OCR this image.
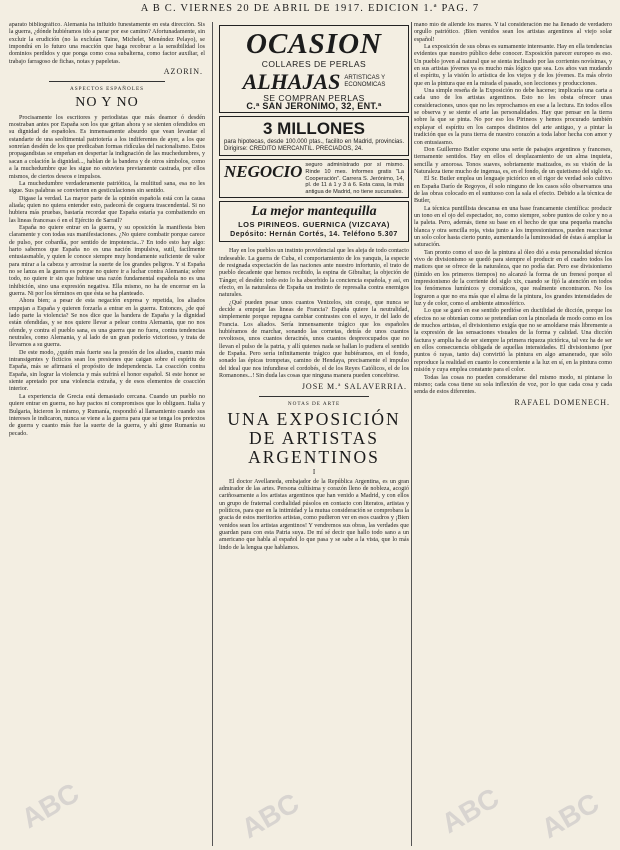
A B C. VIERNES 20 DE ABRIL DE 1917. EDICION 1.ª PAG. 7

aparato bibliográfico. Alemania ha influido funestamente en esta dirección. Sis la guerra, ¿dónde hubiéramos ido a parar por ese camino? Afortunadamente, sin excluir la erudición (no la excluían Taine, Michelet, Menéndez Pelayo), se impondrá en lo futuro una reacción que haga recobrar a la sensibilidad los dominios perdidos y que ponga como cosa subalterna, como factor auxiliar, el trabajo farragoso de fichas, notas y papeletas.

AZORIN.
ASPECTOS ESPAÑOLES
NO Y NO

Procisamente los escritores y periodistas que más deamor ó desdén mostraban antes por España son los que gritan ahora y se sienten ofendidos en su dignidad de españoles. Es inmensamente absurdo que vean levantar el estandarte de una seoltimental patriotería a los indiferentes de ayer, a los que sonreían desdén de los que predicaban formas ridículas del nacionalismo. Estos propagandistas se empeñan en despertar la indignación de las muchedumbres, y sacan a colación la dignidad..., hablan de la bandera y de otros símbolos, como a la muchedumbre que les sigue no estuviera previamente castrada, por ellos mismos, de ciertos deseos e impulsos.

La muchedumbre verdaderamente patriótica, la multitud sana, esa no les sigue. Sus palabras se convierten en gesticulaciones sin sentido.

Digase la verdad. La mayor parte de la opinión española está con la causa aliada; quien no quiera entender esto, padecerá de ceguera trascendental. Si no hubiera más pruebas, bastaría recordar que España estaría ya combatiendo en las lineas francesas ó en el Ejército de Sarrail?

España no quiere entrar en la guerra, y su oposición la manifiesta bien claramente y con todas sus manifestaciones. ¿No quiere combatir porque carece de pulso, por cobardía, por sentido de impotencia...? En todo esto hay algo: harto sabemos que España no es una nación impulsiva, sutil, facilmente entusiasmable, y quien le conoce siempre muy hondamente suficiente de valor para mirar a la cabeza y arrostrar la suerte de los grandes peligros. Y si España no se lanza en la guerra es porque no quiere ir a luchar contra Alemania; sobre todo, no quiere ir sin que hubiese una razón fundamental española no es una inhibición, sino una expresión negativa. Ella mismo, no ha de encerrar en la guerra. Ni por los términos en que ésta se ha planteado.

Ahora bien; a pesar de esta negación expresa y repetida, los aliados empujan a España y quieren forzarla a entrar en la guerra. Entonces, ¿de qué lado parte la violencia? Se nos dice que la bandera de España y la dignidad están ofendidas, y se nos quiere llevar a pelear contra Alemania, que no nos ofende, y contra el pueblo sana, es una guerra que no fuera, contra tendencias neutrales, como Alemania, y al lado de un gran poderío victorioso, y trata de llevarnos a su guerra.

De este modo, ¿quién más fuerte sea la presión de los aliados, cuanto más intransigentes y ficticios sean los presiones que caigan sobre el espíritu de España, más se afirmará el propósito de independencia. La coacción contra España, sin lograr la violencia y más sufrirá el honor español. Si este honor se siente apretado por una violencia extraña, y de esos elementos de coacción interior.

La experiencia de Grecia está demasiado cercana. Cuando un pueblo no quiere entrar en guerra, no hay pactos ni compromisos que lo obliguen. Italia y Bulgaria, hicieron lo mismo, y Rumanía, respondió al llamamiento cuando sus intereses le indicaron, nunca se viene a la guerra para que se tenga los pretextos de guerra y cuanto más fue la suerte de la guerra, y ahí gime Rumanía su pecado.

OCASION
COLLARES DE PERLAS
ALHAJAS ARTISTICAS Y
ECONOMICAS
SE COMPRAN PERLAS
C.ª SAN JERONIMO, 32, ENT.ª
3 MILLONES
para hipotecas, desde 100.000 ptas., facilito en Madrid, provincias. Dirigirse: CREDITO MERCANTIL. PRECIADOS, 24.
NEGOCIO seguro administrado por sí mismo. Rinde 10 mes. Informes gratis "La Cooperación". Carrera S. Jerónimo, 14, pl. de 11 á 1 y 3 á 6. Esta casa, la más antigua de Madrid, no tiene sucursales.
La mejor mantequilla
LOS PIRINEOS. GUERNICA (VIZCAYA)
Depósito: Hernán Cortés, 14. Teléfono 5.307

Hay en los pueblos un instinto providencial que les aleja de todo contacto indeseable. La guerra de Cuba, el comportamiento de los yanquis, la especie de resignada expectación de las naciones ante nuestro infortunio, el trato de pueblo decadente que hemos recibido, la espina de Gibraltar, la objeción de Tánger, el desdén: todo esto lo ha absorbido la conciencia española, y así, en efecto, en la naturaleza de España un instinto de represalia contra enemigos naturales.

¿Qué pueden pesar unos cuantos Venizelos, sin coraje, que nunca se decide a empujar las lineas de Francia? España quiere la neutralidad, simplemente porque repugna cambiar contrastes con el suyo, ir del lado de Francia. Los aliados. Sería inmensamente trágico que los españoles hubiéramos de marchar, sonando las cornetas, detrás de unos cuantos revoltosos, unos cuantos deracinés, unos cuantos despreocupados que no llevan el pulso de la patria, y allí quienes nada se hallan lo pudiera el sentido de España. Pero sería infinitamente trágico que hubiéramos, en el fondo, sonado las épicas trompetas, camino de Hendaya, precisamente el impulso del ideal que nos infundiese el cordobés, el de los Reyes Católicos, el de los Romanones...! Sin duda las cosas que ninguna manera pueden concebirse.

JOSE M.ª SALAVERRIA.
NOTAS DE ARTE
UNA EXPOSICIÓN DE ARTISTAS ARGENTINOS
I

El doctor Avellaneda, embajador de la República Argentina, es un gran admirador de las artes. Persona cultísima y corazón lleno de nobleza, acogió cariñosamente a los artistas argentinos que han venido a Madrid, y con ellos un grupo de fraternal cordialidad púsolos en contacto con literatos, artistas y políticos, para que en la intimidad y la mutua consideración se comprobara la gracia de estos meritorios artistas, como pudieron ver en esos cuadros y ¡Bien venidos sean los artistas argentinos! Y vendremos sus obras, las verdades que guardan para con esta Patria suya. De mí sé decir que hallo todo sano a un americano que habla al español lo que pasa y se sabe a la vista, que lo más lindo de la lengua que hablamos.

mano mío de allende los mares. Y tal consideración me ha llenado de verdadero orgullo patriótico. ¡Bien venidos sean los artistas argentinos al viejo solar español!

La exposición de sus obras es sumamente interesante. Hay en ella tendencias evidentes que nuestro público debe conocer. Exposición parecer europeo es eso. Un pueblo joven al natural que se sienta inclinado por las corrientes novísimas, y en sus artistas jóvenes ya es mucho más lógico que sea. Los años van mudando el espíritu, y la visión lo artística de los viejos y de los jóvenes. Es más obvio que en la pintura que en la mirada el pasado, son lecciones y producciones.

Una simple reseña de la Exposición no debe hacerse; implicaría una carta a cada uno de los artistas argentinos. Esto no les obsta ofrecer unas consideraciones, unos que no les reprochamos en ese a la lectura. En todos ellos se observa y se siente el arte las personalidades. Hay que pensar en la tierra sobre la que se pinta. No por eso los Pirineos y hemos procurado también explayar el espíritu en los campos distintos del arte antiguo, y a pintar la tradición que es la pura tierra de nuestro corazón a toda labor hecha con amor y con entusiasmo.

Don Guillermo Butler expone una serie de paisajes argentinos y franceses, tiernamente sentidos. Hay en ellos el desplazamiento de un alma inquieta, sencilla y amorosa. Tonos suaves, sobriamente matizados, es su visión de la Naturaleza tiene mucho de ingenua, es, en el fondo, de un quietismo del siglo xx.

El Sr. Butler emplea un lenguaje pictórico en el rigor de verdad solo cultivo en España Darío de Regoyos, él solo ninguno de los casos sólo observamos una de las obras colocado en el suntuoso con la sala el efecto. Debido a la técnica de Butler,

La técnica puntillista descansa en una base francamente científica: producir un tono en el ojo del espectador, no, como siempre, sobre puntos de color y no a la paleta. Pero, además, tiene su base en el hecho de que una pequeña mancha blanca y otra sencilla roja, vista junto a los impresionismos, pueden reaccionar un solo color hasta cierto punto, aumentando la luminosidad de éstas á ampliar la saturación.

Tan pronto como el uso de la pintura al óleo dió a esta personalidad técnica vivo de divisionismo se quedó para siempre el producir en el cuadro todos los matices que se ofrece de la naturaleza, que no podía dar. Pero ese divisionismo (tímido en los primeros tiempos) no alcanzó la forma de un frenesí porque el impresionismo de la corriente del siglo xix, cuando se fijó la atención en todos los fenómenos lumínicos y cromáticos, que realmente encontraron. No los lograron a que no era más que el alma de la pintura, los grandes intensidades de luz y de color, como el ambiente atmosférico.

Lo que se ganó en ese sentido perdióse en ductilidad de dicción, porque los efectos no se obtenían como se pretendían con la pincelada de modo como en los de muchos artistas, el divisionismo exigía que no se amoldarse más libremente a la expresión de las sensaciones visuales de la forma y calidad. Una dicción factura y amplia ha de ser siempre la primera riqueza pictórica, tal vez ha de ser en ellos consecuencia obligada de aquellas intensidades. El divisionismo (por puntos ó rayas, tanto da) convirtió la pintura en algo amanerado, que sólo reproduce la realidad en cuanto lo concerniente a la luz en sí, en la pintura como misión y cuya emplea constante para el color.

Todas las cosas no pueden considerarse del mismo modo, ni pintarse lo mismo; cada cosa tiene su sola inflexión de voz, por lo que cada cosa y cada senda de estos diferentes.

RAFAEL DOMENECH.
ABC	ABC	ABC ABC
